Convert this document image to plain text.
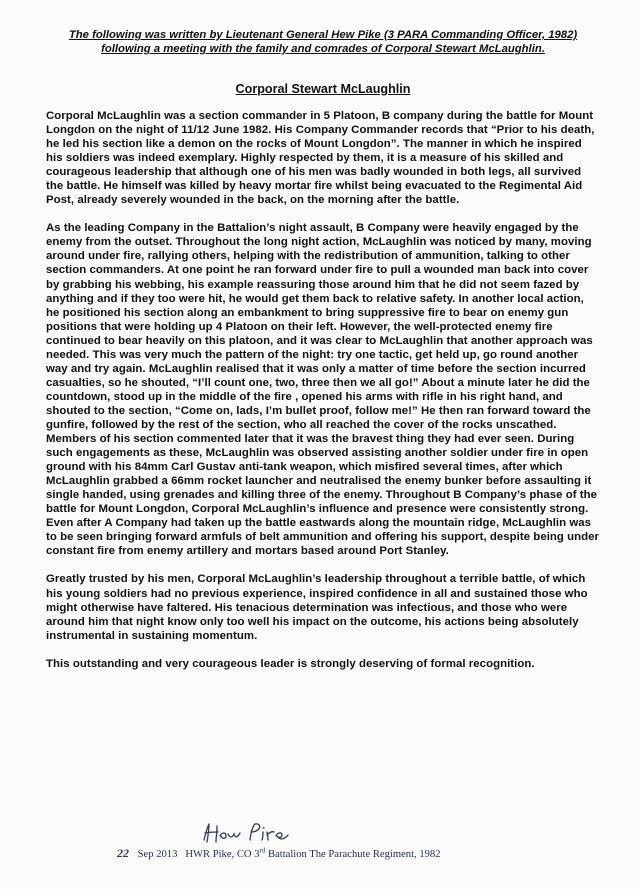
The following was written by Lieutenant General Hew Pike (3 PARA Commanding Officer, 1982) following a meeting with the family and comrades of Corporal Stewart McLaughlin.
Corporal Stewart McLaughlin

Corporal McLaughlin was a section commander in 5 Platoon, B company during the battle for Mount Longdon on the night of 11/12 June 1982. His Company Commander records that “Prior to his death, he led his section like a demon on the rocks of Mount Longdon”. The manner in which he inspired his soldiers was indeed exemplary. Highly respected by them, it is a measure of his skilled and courageous leadership that although one of his men was badly wounded in both legs, all survived the battle. He himself was killed by heavy mortar fire whilst being evacuated to the Regimental Aid Post, already severely wounded in the back, on the morning after the battle.

As the leading Company in the Battalion’s night assault, B Company were heavily engaged by the enemy from the outset. Throughout the long night action, McLaughlin was noticed by many, moving around under fire, rallying others, helping with the redistribution of ammunition, talking to other section commanders. At one point he ran forward under fire to pull a wounded man back into cover by grabbing his webbing, his example reassuring those around him that he did not seem fazed by anything and if they too were hit, he would get them back to relative safety. In another local action, he positioned his section along an embankment to bring suppressive fire to bear on enemy gun positions that were holding up 4 Platoon on their left. However, the well-protected enemy fire continued to bear heavily on this platoon, and it was clear to McLaughlin that another approach was needed. This was very much the pattern of the night: try one tactic, get held up, go round another way and try again. McLaughlin realised that it was only a matter of time before the section incurred casualties, so he shouted, “I’ll count one, two, three then we all go!” About a minute later he did the countdown, stood up in the middle of the fire , opened his arms with rifle in his right hand, and shouted to the section, “Come on, lads, I’m bullet proof, follow me!” He then ran forward toward the gunfire, followed by the rest of the section, who all reached the cover of the rocks unscathed. Members of his section commented later that it was the bravest thing they had ever seen. During such engagements as these, McLaughlin was observed assisting another soldier under fire in open ground with his 84mm Carl Gustav anti-tank weapon, which misfired several times, after which McLaughlin grabbed a 66mm rocket launcher and neutralised the enemy bunker before assaulting it single handed, using grenades and killing three of the enemy. Throughout B Company’s phase of the battle for Mount Longdon, Corporal McLaughlin’s influence and presence were consistently strong. Even after A Company had taken up the battle eastwards along the mountain ridge, McLaughlin was to be seen bringing forward armfuls of belt ammunition and offering his support, despite being under constant fire from enemy artillery and mortars based around Port Stanley.

Greatly trusted by his men, Corporal McLaughlin’s leadership throughout a terrible battle, of which his young soldiers had no previous experience, inspired confidence in all and sustained those who might otherwise have faltered. His tenacious determination was infectious, and those who were around him that night know only too well his impact on the outcome, his actions being absolutely instrumental in sustaining momentum.

This outstanding and very courageous leader is strongly deserving of formal recognition.

22 Sep 2013 HWR Pike, CO 3rd Battalion The Parachute Regiment, 1982
